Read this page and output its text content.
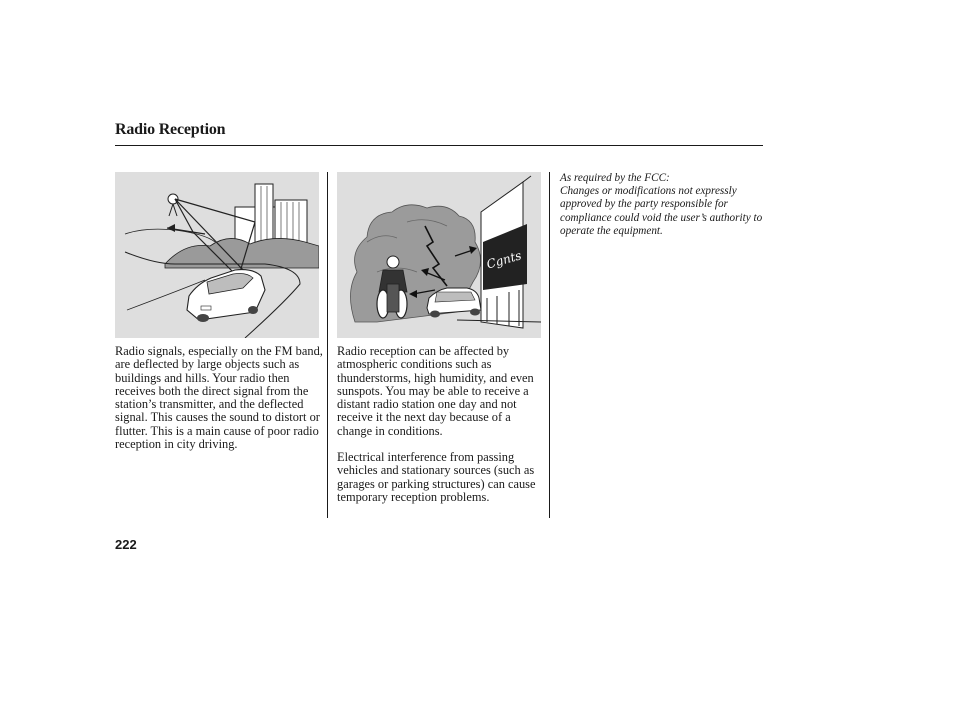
Radio Reception
Cgnts

Radio signals, especially on the FM band, are deflected by large objects such as buildings and hills. Your radio then receives both the direct signal from the station’s transmitter, and the deflected signal. This causes the sound to distort or flutter. This is a main cause of poor radio reception in city driving.

Radio reception can be affected by atmospheric conditions such as thunderstorms, high humidity, and even sunspots. You may be able to receive a distant radio station one day and not receive it the next day because of a change in conditions.

Electrical interference from passing vehicles and stationary sources (such as garages or parking structures) can cause temporary reception problems.

As required by the FCC:

Changes or modifications not expressly approved by the party responsible for compliance could void the user’s authority to operate the equipment.

222
